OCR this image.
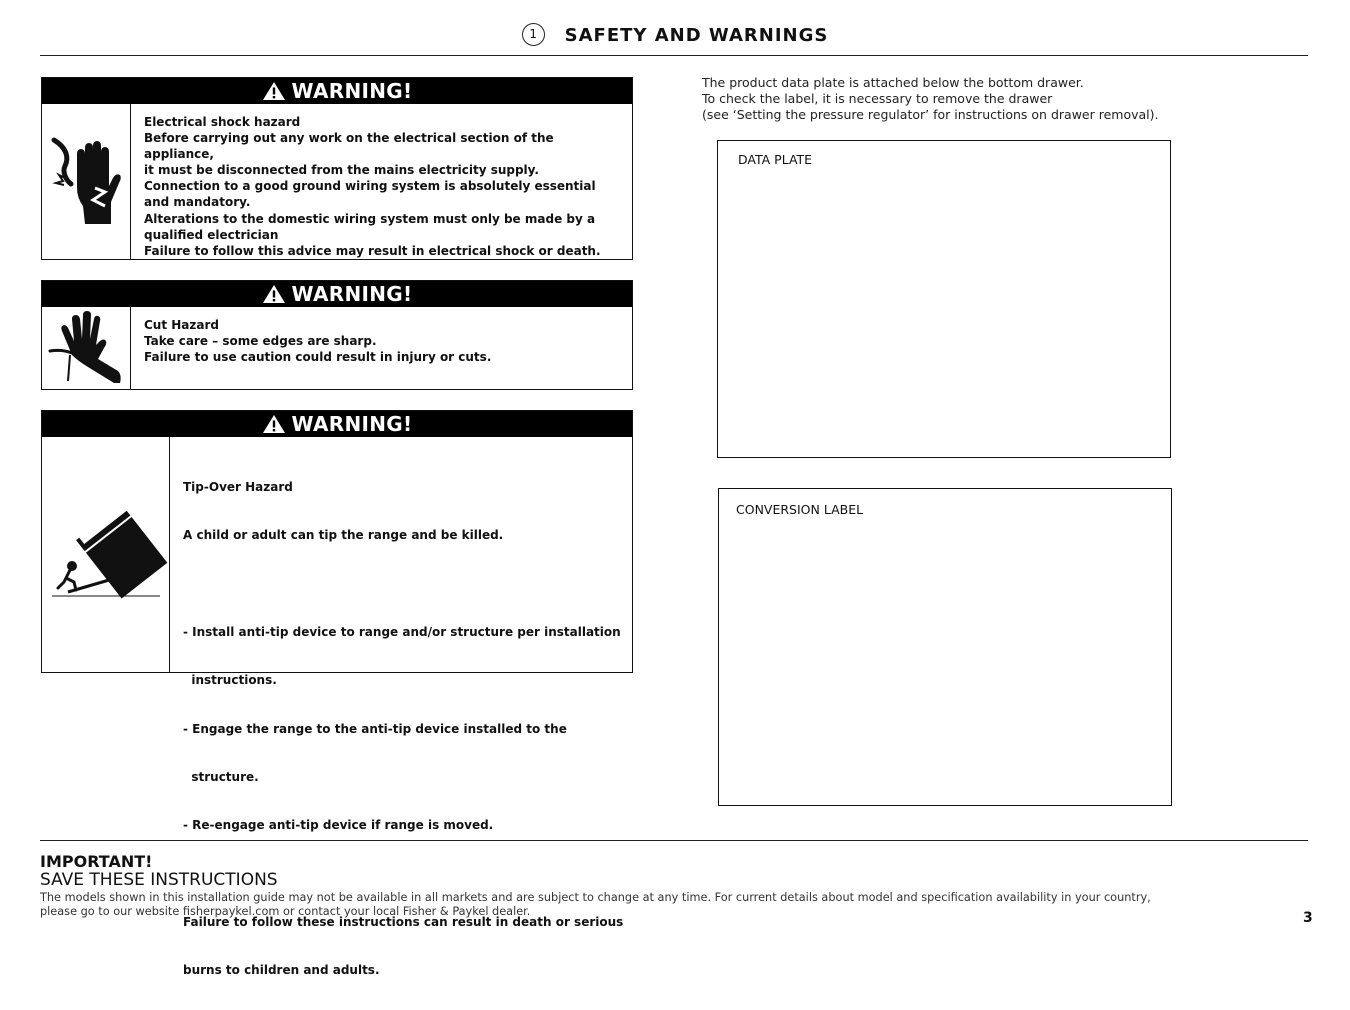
1	SAFETY AND WARNINGS
WARNING!

Electrical shock hazard

Before carrying out any work on the electrical section of the appliance,

it must be disconnected from the mains electricity supply.

Connection to a good ground wiring system is absolutely essential

and mandatory.

Alterations to the domestic wiring system must only be made by a

qualified electrician

Failure to follow this advice may result in electrical shock or death.

WARNING!

Cut Hazard

Take care – some edges are sharp.

Failure to use caution could result in injury or cuts.

WARNING!

Tip-Over Hazard

A child or adult can tip the range and be killed.

- Install anti-tip device to range and/or structure per installation

instructions.

- Engage the range to the anti-tip device installed to the

structure.

- Re-engage anti-tip device if range is moved.

Failure to follow these instructions can result in death or serious

burns to children and adults.

The product data plate is attached below the bottom drawer.
To check the label, it is necessary to remove the drawer
(see ‘Setting the pressure regulator’ for instructions on drawer removal).
DATA PLATE
CONVERSION LABEL
IMPORTANT!
SAVE THESE INSTRUCTIONS
The models shown in this installation guide may not be available in all markets and are subject to change at any time. For current details about model and specification availability in your country,
please go to our website fisherpaykel.com or contact your local Fisher & Paykel dealer.	3
